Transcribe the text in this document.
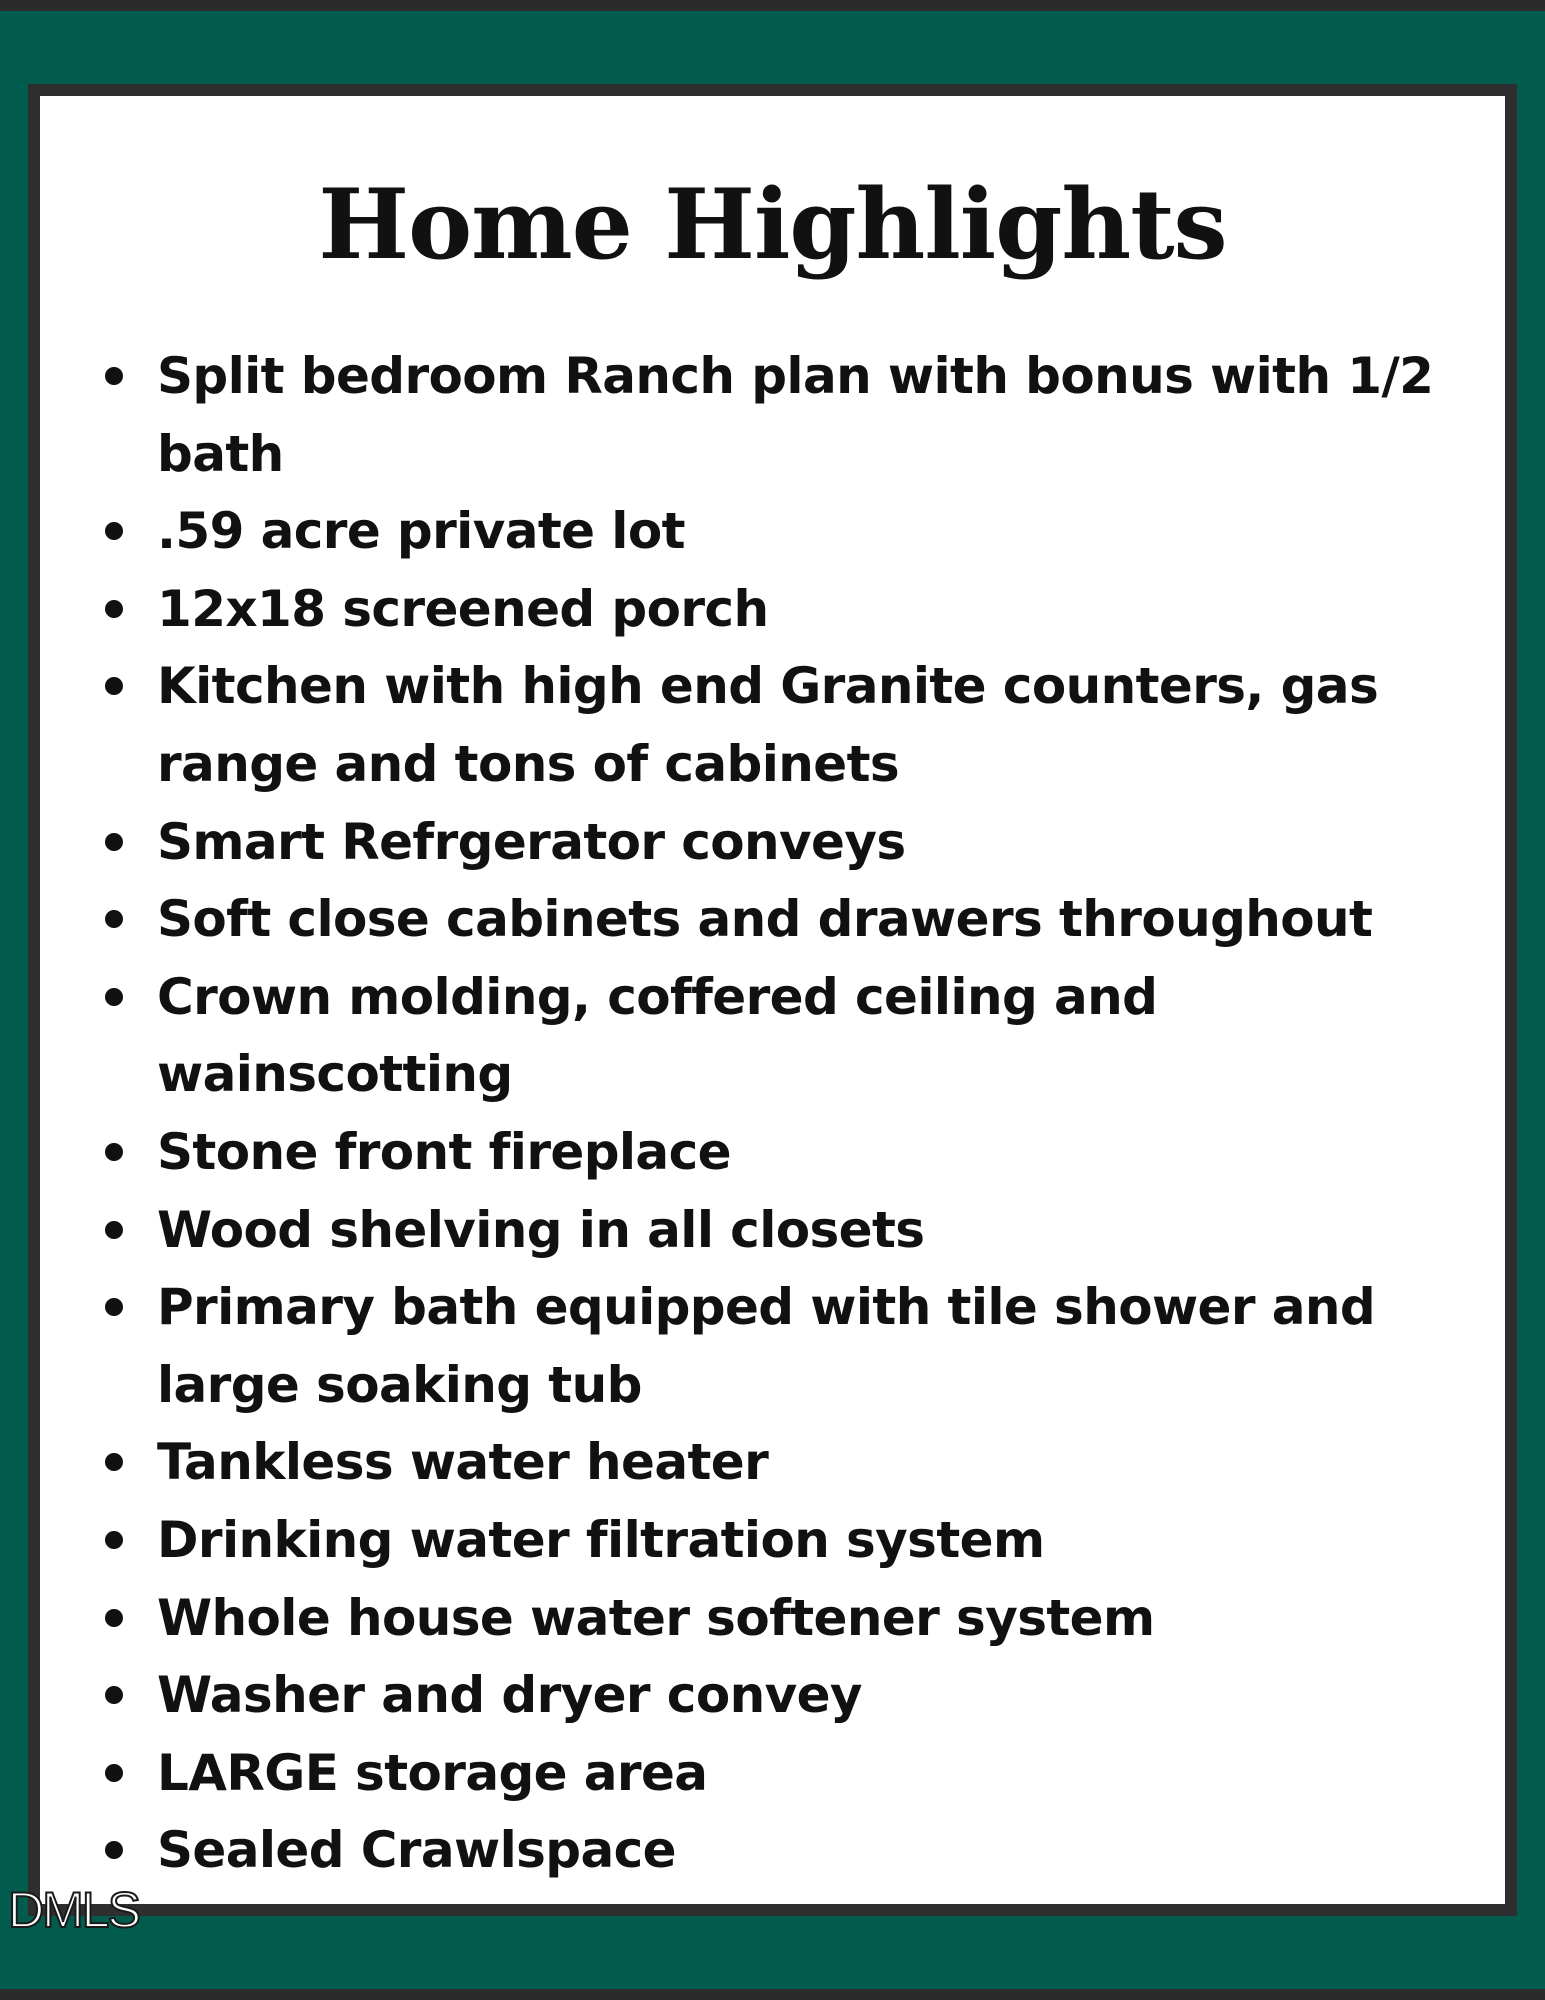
Home Highlights
Split bedroom Ranch plan with bonus with 1/2 bath
.59 acre private lot
12x18 screened porch
Kitchen with high end Granite counters, gas range and tons of cabinets
Smart Refrgerator conveys
Soft close cabinets and drawers throughout
Crown molding, coffered ceiling and wainscotting
Stone front fireplace
Wood shelving in all closets
Primary bath equipped with tile shower and large soaking tub
Tankless water heater
Drinking water filtration system
Whole house water softener system
Washer and dryer convey
LARGE storage area
Sealed Crawlspace
DMLS
